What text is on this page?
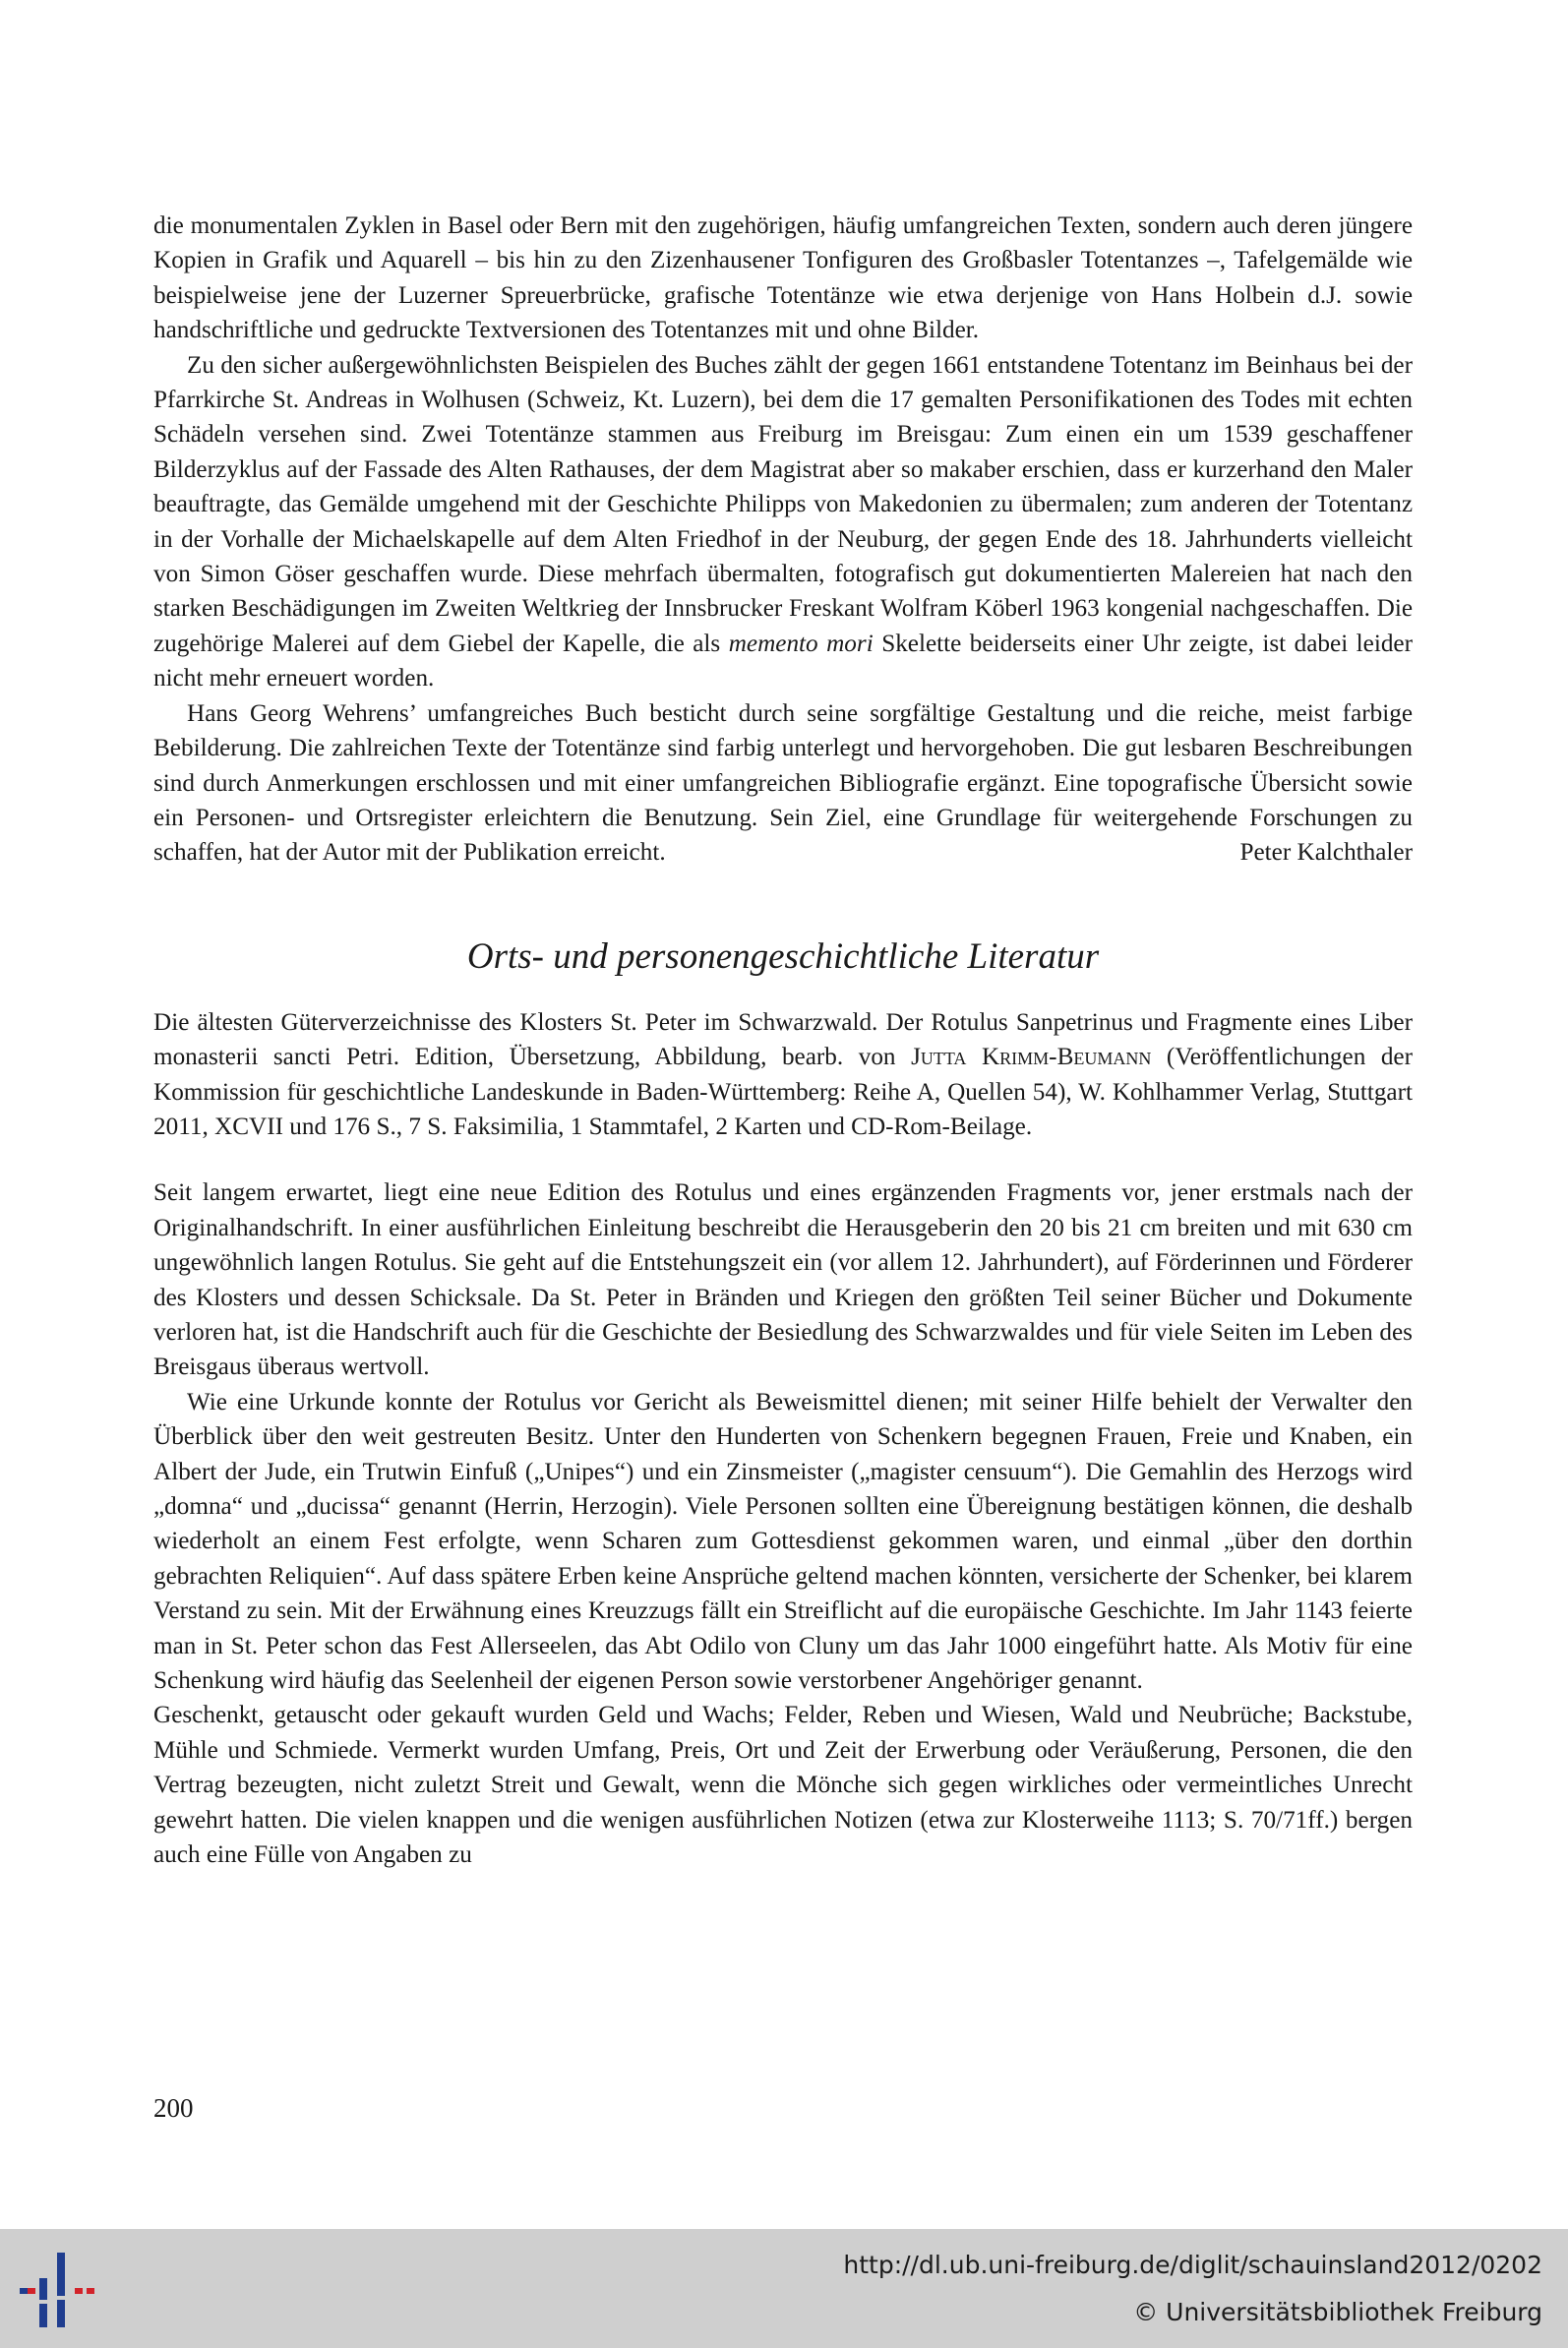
die monumentalen Zyklen in Basel oder Bern mit den zugehörigen, häufig umfangreichen Texten, sondern auch deren jüngere Kopien in Grafik und Aquarell – bis hin zu den Zizenhausener Tonfiguren des Großbasler Totentanzes –, Tafelgemälde wie beispielweise jene der Luzerner Spreuerbrücke, grafische Totentänze wie etwa derjenige von Hans Holbein d.J. sowie handschriftliche und gedruckte Textversionen des Totentanzes mit und ohne Bilder.

Zu den sicher außergewöhnlichsten Beispielen des Buches zählt der gegen 1661 entstandene Totentanz im Beinhaus bei der Pfarrkirche St. Andreas in Wolhusen (Schweiz, Kt. Luzern), bei dem die 17 gemalten Personifikationen des Todes mit echten Schädeln versehen sind. Zwei Totentänze stammen aus Freiburg im Breisgau: Zum einen ein um 1539 geschaffener Bilderzyklus auf der Fassade des Alten Rathauses, der dem Magistrat aber so makaber erschien, dass er kurzerhand den Maler beauftragte, das Gemälde umgehend mit der Geschichte Philipps von Makedonien zu übermalen; zum anderen der Totentanz in der Vorhalle der Michaelskapelle auf dem Alten Friedhof in der Neuburg, der gegen Ende des 18. Jahrhunderts vielleicht von Simon Göser geschaffen wurde. Diese mehrfach übermalten, fotografisch gut dokumentierten Malereien hat nach den starken Beschädigungen im Zweiten Weltkrieg der Innsbrucker Freskant Wolfram Köberl 1963 kongenial nachgeschaffen. Die zugehörige Malerei auf dem Giebel der Kapelle, die als memento mori Skelette beiderseits einer Uhr zeigte, ist dabei leider nicht mehr erneuert worden.

Hans Georg Wehrens’ umfangreiches Buch besticht durch seine sorgfältige Gestaltung und die reiche, meist farbige Bebilderung. Die zahlreichen Texte der Totentänze sind farbig unterlegt und hervorgehoben. Die gut lesbaren Beschreibungen sind durch Anmerkungen erschlossen und mit einer umfangreichen Bibliografie ergänzt. Eine topografische Übersicht sowie ein Personen- und Ortsregister erleichtern die Benutzung. Sein Ziel, eine Grundlage für weitergehende Forschungen zu schaffen, hat der Autor mit der Publikation erreicht.	Peter Kalchthaler

Orts- und personengeschichtliche Literatur

Die ältesten Güterverzeichnisse des Klosters St. Peter im Schwarzwald. Der Rotulus Sanpetrinus und Fragmente eines Liber monasterii sancti Petri. Edition, Übersetzung, Abbildung, bearb. von Jutta Krimm-Beumann (Veröffentlichungen der Kommission für geschichtliche Landeskunde in Baden-Württemberg: Reihe A, Quellen 54), W. Kohlhammer Verlag, Stuttgart 2011, XCVII und 176 S., 7 S. Faksimilia, 1 Stammtafel, 2 Karten und CD-Rom-Beilage.

Seit langem erwartet, liegt eine neue Edition des Rotulus und eines ergänzenden Fragments vor, jener erstmals nach der Originalhandschrift. In einer ausführlichen Einleitung beschreibt die Herausgeberin den 20 bis 21 cm breiten und mit 630 cm ungewöhnlich langen Rotulus. Sie geht auf die Entstehungszeit ein (vor allem 12. Jahrhundert), auf Förderinnen und Förderer des Klosters und dessen Schicksale. Da St. Peter in Bränden und Kriegen den größten Teil seiner Bücher und Dokumente verloren hat, ist die Handschrift auch für die Geschichte der Besiedlung des Schwarzwaldes und für viele Seiten im Leben des Breisgaus überaus wertvoll.

Wie eine Urkunde konnte der Rotulus vor Gericht als Beweismittel dienen; mit seiner Hilfe behielt der Verwalter den Überblick über den weit gestreuten Besitz. Unter den Hunderten von Schenkern begegnen Frauen, Freie und Knaben, ein Albert der Jude, ein Trutwin Einfuß („Unipes“) und ein Zinsmeister („magister censuum“). Die Gemahlin des Herzogs wird „domna“ und „ducissa“ genannt (Herrin, Herzogin). Viele Personen sollten eine Übereignung bestätigen können, die deshalb wiederholt an einem Fest erfolgte, wenn Scharen zum Gottesdienst gekommen waren, und einmal „über den dorthin gebrachten Reliquien“. Auf dass spätere Erben keine Ansprüche geltend machen könnten, versicherte der Schenker, bei klarem Verstand zu sein. Mit der Erwähnung eines Kreuzzugs fällt ein Streiflicht auf die europäische Geschichte. Im Jahr 1143 feierte man in St. Peter schon das Fest Allerseelen, das Abt Odilo von Cluny um das Jahr 1000 eingeführt hatte. Als Motiv für eine Schenkung wird häufig das Seelenheil der eigenen Person sowie verstorbener Angehöriger genannt.

Geschenkt, getauscht oder gekauft wurden Geld und Wachs; Felder, Reben und Wiesen, Wald und Neubrüche; Backstube, Mühle und Schmiede. Vermerkt wurden Umfang, Preis, Ort und Zeit der Erwerbung oder Veräußerung, Personen, die den Vertrag bezeugten, nicht zuletzt Streit und Gewalt, wenn die Mönche sich gegen wirkliches oder vermeintliches Unrecht gewehrt hatten. Die vielen knappen und die wenigen ausführlichen Notizen (etwa zur Klosterweihe 1113; S. 70/71ff.) bergen auch eine Fülle von Angaben zu

200
http://dl.ub.uni-freiburg.de/diglit/schauinsland2012/0202
© Universitätsbibliothek Freiburg
